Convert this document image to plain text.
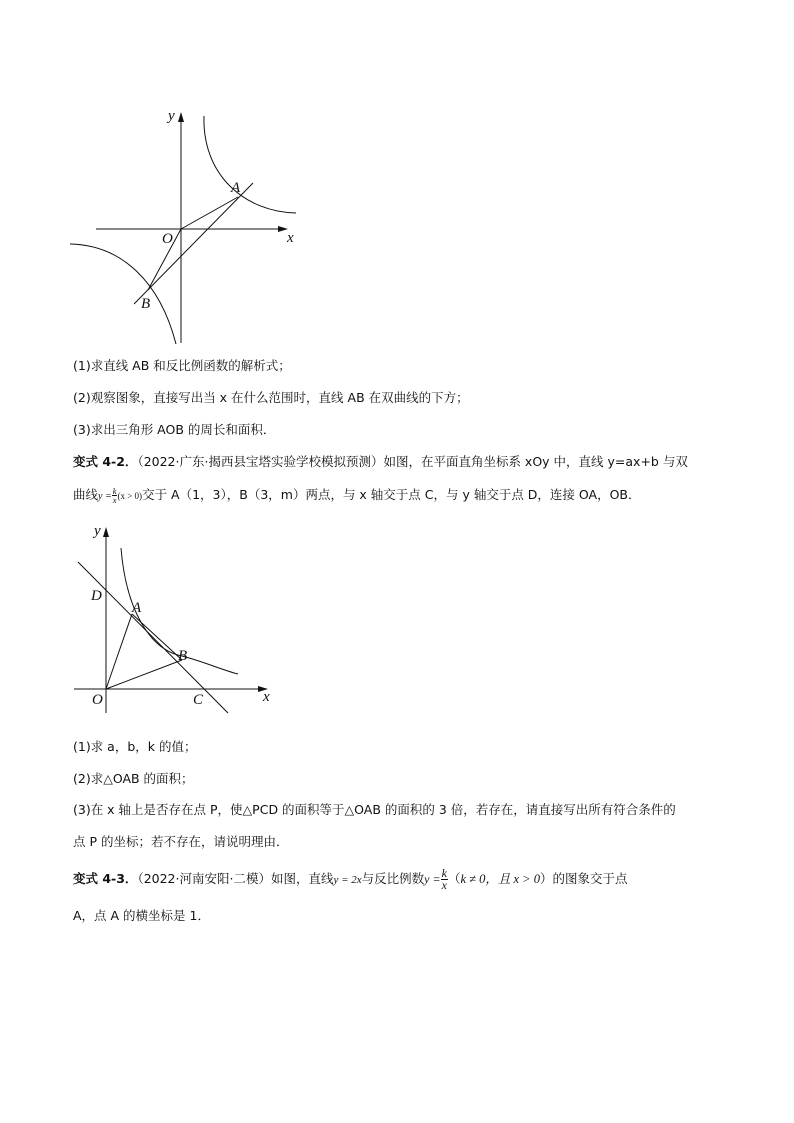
y
x
O
A
B
(1)求直线 AB 和反比例函数的解析式；
(2)观察图象，直接写出当 x 在什么范围时，直线 AB 在双曲线的下方；
(3)求出三角形 AOB 的周长和面积．
变式 4-2．（2022·广东·揭西县宝塔实验学校模拟预测）如图，在平面直角坐标系 xOy 中，直线 y=ax+b 与双
曲线$y = \frac{k}{x} (x > 0)$交于 A（1，3），B（3，m）两点，与 x 轴交于点 C，与 y 轴交于点 D，连接 OA，OB．
y
x
O
A
B
C
D
(1)求 a，b，k 的值；
(2)求△OAB 的面积；
(3)在 x 轴上是否存在点 P，使△PCD 的面积等于△OAB 的面积的 3 倍，若存在，请直接写出所有符合条件的
点 P 的坐标；若不存在，请说明理由．
变式 4-3．（2022·河南安阳·二模）如图，直线y = 2x与反比例数$y = \frac{k}{x} (k \ne 0$，且 x > 0）的图象交于点
A，点 A 的横坐标是 1．
